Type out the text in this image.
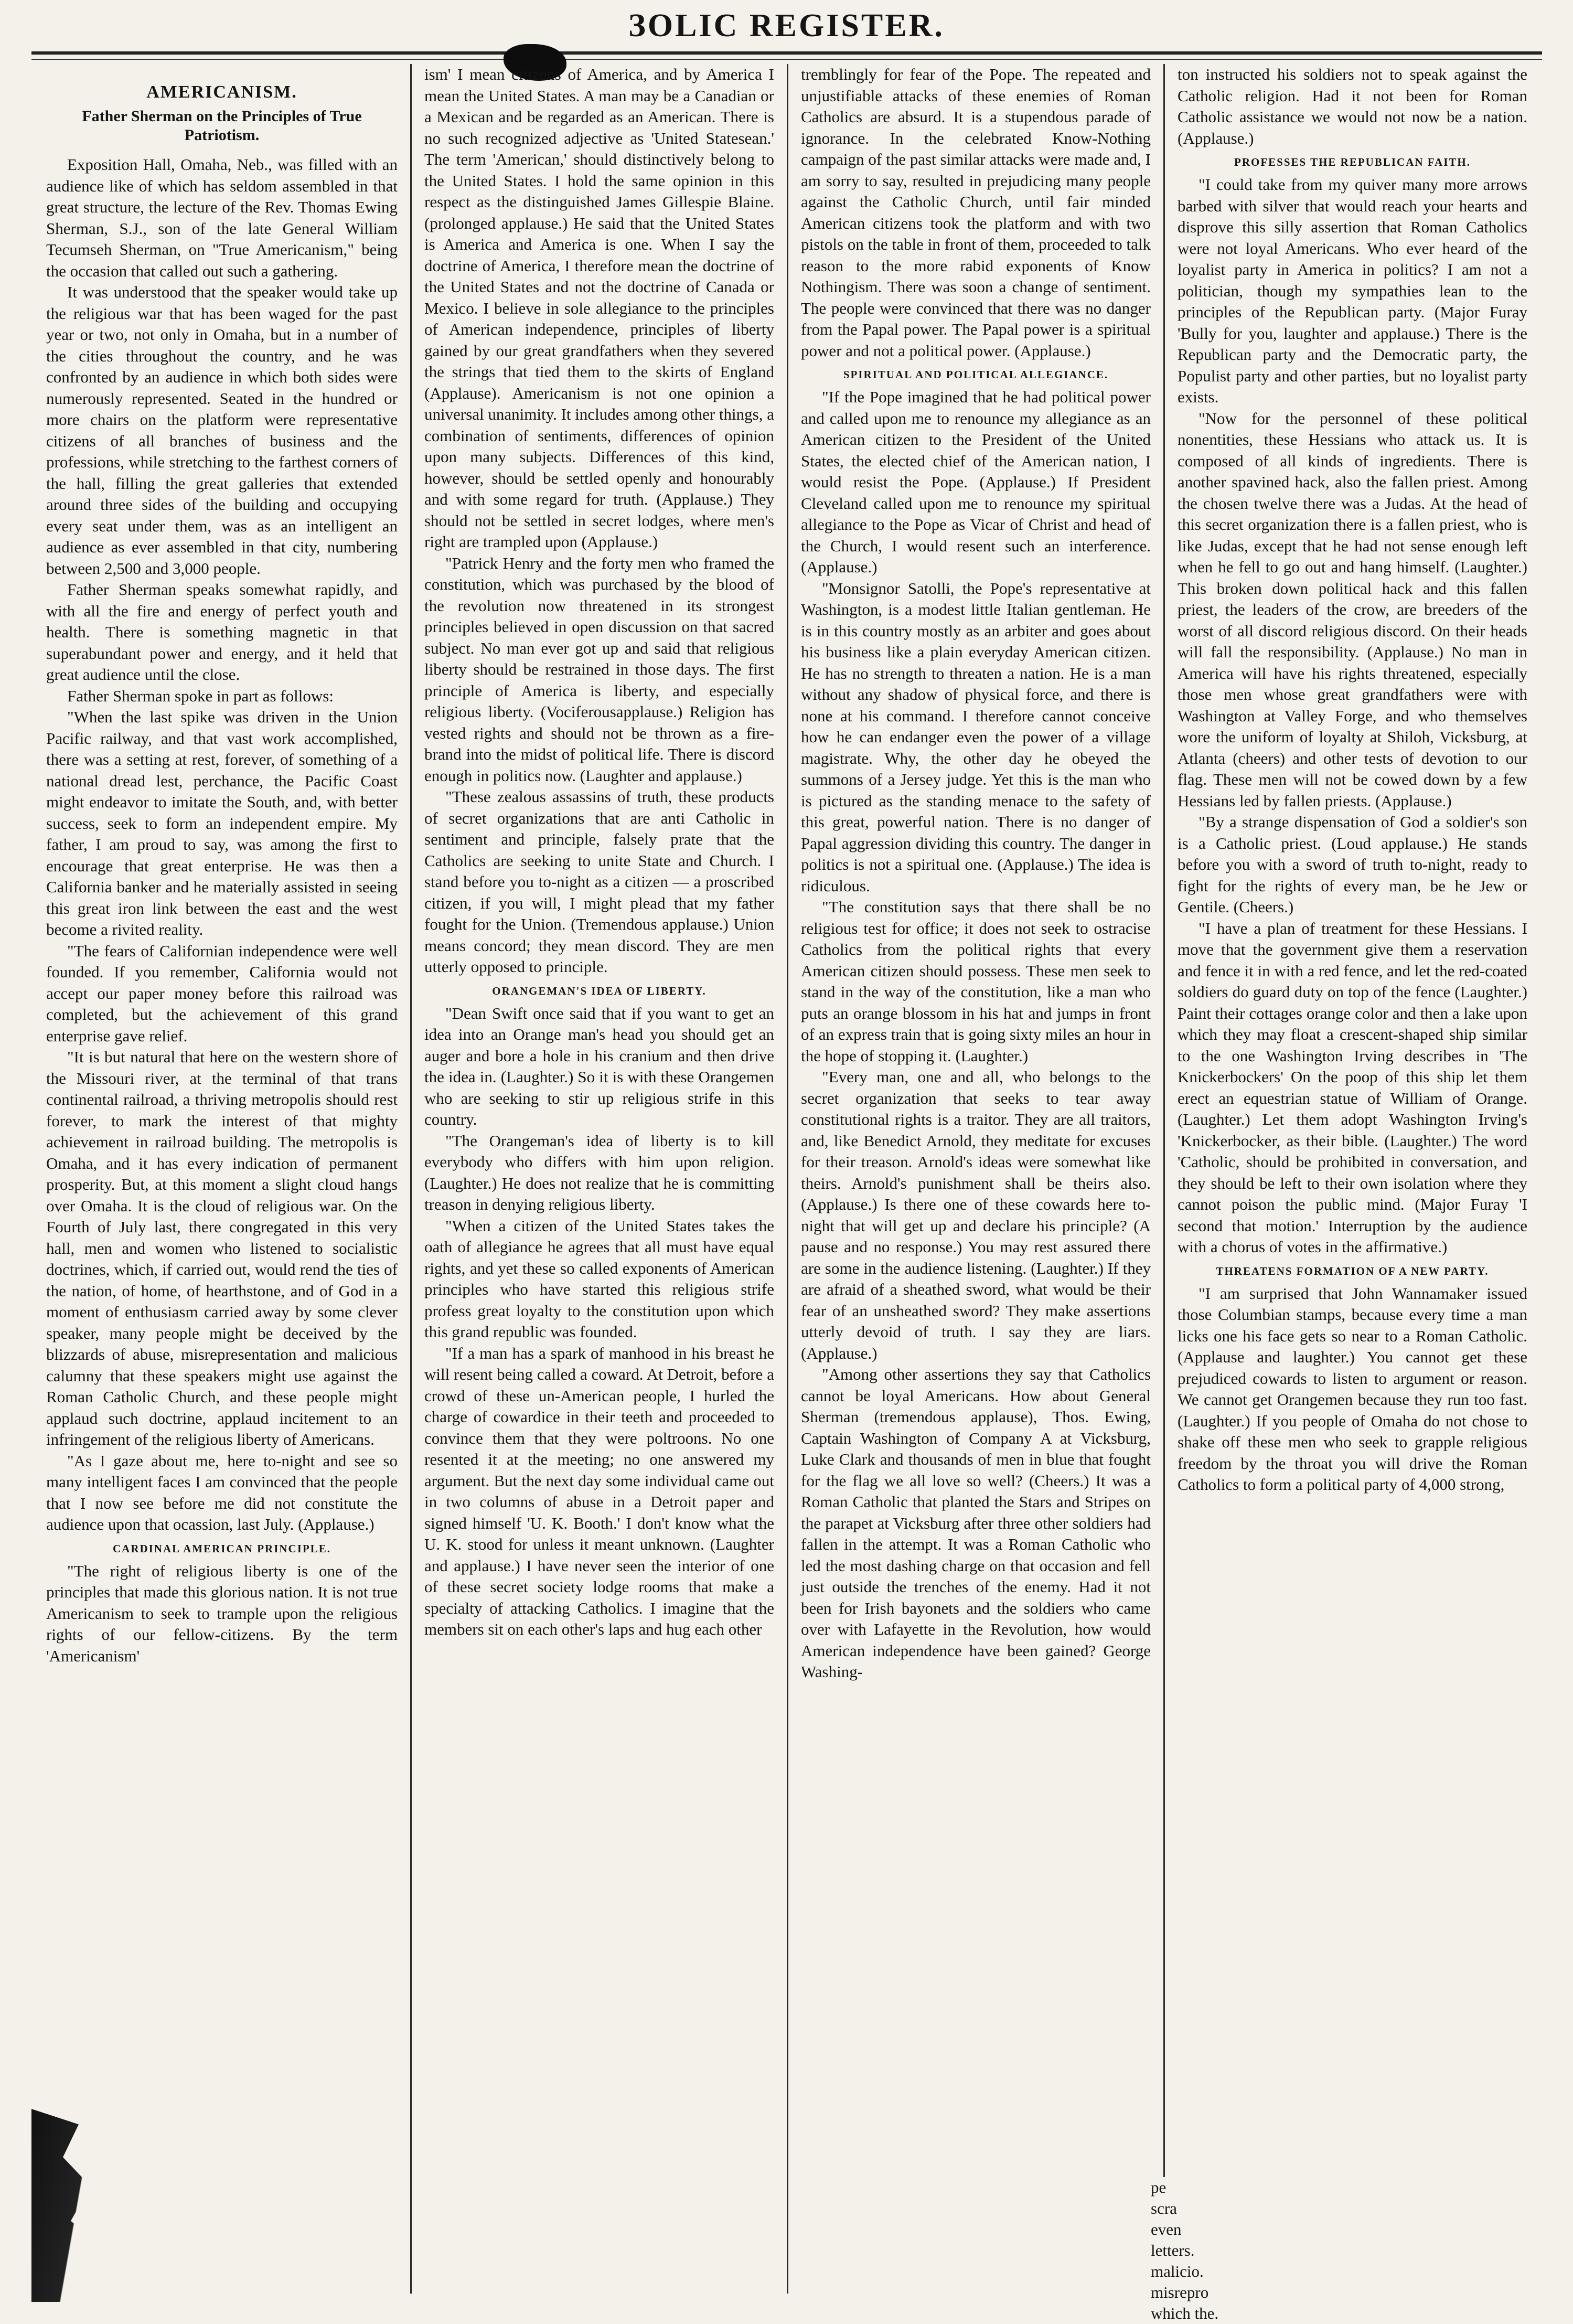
ЗOLIC REGISTER.
AMERICANISM.
Father Sherman on the Principles of True Patriotism.

Exposition Hall, Omaha, Neb., was filled with an audience like of which has seldom assembled in that great structure, the lecture of the Rev. Thomas Ewing Sherman, S.J., son of the late General William Tecumseh Sherman, on "True Americanism," being the occasion that called out such a gathering.

It was understood that the speaker would take up the religious war that has been waged for the past year or two, not only in Omaha, but in a number of the cities throughout the country, and he was confronted by an audience in which both sides were numerously represented. Seated in the hundred or more chairs on the platform were representative citizens of all branches of business and the professions, while stretching to the farthest corners of the hall, filling the great galleries that extended around three sides of the building and occupying every seat under them, was as an intelligent an audience as ever assembled in that city, numbering between 2,500 and 3,000 people.

Father Sherman speaks somewhat rapidly, and with all the fire and energy of perfect youth and health. There is something magnetic in that superabundant power and energy, and it held that great audience until the close.

Father Sherman spoke in part as follows:

"When the last spike was driven in the Union Pacific railway, and that vast work accomplished, there was a setting at rest, forever, of something of a national dread lest, perchance, the Pacific Coast might endeavor to imitate the South, and, with better success, seek to form an independent empire. My father, I am proud to say, was among the first to encourage that great enterprise. He was then a California banker and he materially assisted in seeing this great iron link between the east and the west become a rivited reality.

"The fears of Californian independence were well founded. If you remember, California would not accept our paper money before this railroad was completed, but the achievement of this grand enterprise gave relief.

"It is but natural that here on the western shore of the Missouri river, at the terminal of that trans continental railroad, a thriving metropolis should rest forever, to mark the interest of that mighty achievement in railroad building. The metropolis is Omaha, and it has every indication of permanent prosperity. But, at this moment a slight cloud hangs over Omaha. It is the cloud of religious war. On the Fourth of July last, there congregated in this very hall, men and women who listened to socialistic doctrines, which, if carried out, would rend the ties of the nation, of home, of hearthstone, and of God in a moment of enthusiasm carried away by some clever speaker, many people might be deceived by the blizzards of abuse, misrepresentation and malicious calumny that these speakers might use against the Roman Catholic Church, and these people might applaud such doctrine, applaud incitement to an infringement of the religious liberty of Americans.

"As I gaze about me, here to-night and see so many intelligent faces I am convinced that the people that I now see before me did not constitute the audience upon that ocassion, last July. (Applause.)

CARDINAL AMERICAN PRINCIPLE.

"The right of religious liberty is one of the principles that made this glorious nation. It is not true Americanism to seek to trample upon the religious rights of our fellow-citizens. By the term 'Americanism'

ism' I mean citizens of America, and by America I mean the United States. A man may be a Canadian or a Mexican and be regarded as an American. There is no such recognized adjective as 'United Statesean.' The term 'American,' should distinctively belong to the United States. I hold the same opinion in this respect as the distinguished James Gillespie Blaine. (prolonged applause.) He said that the United States is America and America is one. When I say the doctrine of America, I therefore mean the doctrine of the United States and not the doctrine of Canada or Mexico. I believe in sole allegiance to the principles of American independence, principles of liberty gained by our great grandfathers when they severed the strings that tied them to the skirts of England (Applause). Americanism is not one opinion a universal unanimity. It includes among other things, a combination of sentiments, differences of opinion upon many subjects. Differences of this kind, however, should be settled openly and honourably and with some regard for truth. (Applause.) They should not be settled in secret lodges, where men's right are trampled upon (Applause.)

"Patrick Henry and the forty men who framed the constitution, which was purchased by the blood of the revolution now threatened in its strongest principles believed in open discussion on that sacred subject. No man ever got up and said that religious liberty should be restrained in those days. The first principle of America is liberty, and especially religious liberty. (Vociferousapplause.) Religion has vested rights and should not be thrown as a fire-brand into the midst of political life. There is discord enough in politics now. (Laughter and applause.)

"These zealous assassins of truth, these products of secret organizations that are anti Catholic in sentiment and principle, falsely prate that the Catholics are seeking to unite State and Church. I stand before you to-night as a citizen — a proscribed citizen, if you will, I might plead that my father fought for the Union. (Tremendous applause.) Union means concord; they mean discord. They are men utterly opposed to principle.

ORANGEMAN'S IDEA OF LIBERTY.

"Dean Swift once said that if you want to get an idea into an Orange man's head you should get an auger and bore a hole in his cranium and then drive the idea in. (Laughter.) So it is with these Orangemen who are seeking to stir up religious strife in this country.

"The Orangeman's idea of liberty is to kill everybody who differs with him upon religion. (Laughter.) He does not realize that he is committing treason in denying religious liberty.

"When a citizen of the United States takes the oath of allegiance he agrees that all must have equal rights, and yet these so called exponents of American principles who have started this religious strife profess great loyalty to the constitution upon which this grand republic was founded.

"If a man has a spark of manhood in his breast he will resent being called a coward. At Detroit, before a crowd of these un-American people, I hurled the charge of cowardice in their teeth and proceeded to convince them that they were poltroons. No one resented it at the meeting; no one answered my argument. But the next day some individual came out in two columns of abuse in a Detroit paper and signed himself 'U. K. Booth.' I don't know what the U. K. stood for unless it meant unknown. (Laughter and applause.) I have never seen the interior of one of these secret society lodge rooms that make a specialty of attacking Catholics. I imagine that the members sit on each other's laps and hug each other

tremblingly for fear of the Pope. The repeated and unjustifiable attacks of these enemies of Roman Catholics are absurd. It is a stupendous parade of ignorance. In the celebrated Know-Nothing campaign of the past similar attacks were made and, I am sorry to say, resulted in prejudicing many people against the Catholic Church, until fair minded American citizens took the platform and with two pistols on the table in front of them, proceeded to talk reason to the more rabid exponents of Know Nothingism. There was soon a change of sentiment. The people were convinced that there was no danger from the Papal power. The Papal power is a spiritual power and not a political power. (Applause.)

SPIRITUAL AND POLITICAL ALLEGIANCE.

"If the Pope imagined that he had political power and called upon me to renounce my allegiance as an American citizen to the President of the United States, the elected chief of the American nation, I would resist the Pope. (Applause.) If President Cleveland called upon me to renounce my spiritual allegiance to the Pope as Vicar of Christ and head of the Church, I would resent such an interference. (Applause.)

"Monsignor Satolli, the Pope's representative at Washington, is a modest little Italian gentleman. He is in this country mostly as an arbiter and goes about his business like a plain everyday American citizen. He has no strength to threaten a nation. He is a man without any shadow of physical force, and there is none at his command. I therefore cannot conceive how he can endanger even the power of a village magistrate. Why, the other day he obeyed the summons of a Jersey judge. Yet this is the man who is pictured as the standing menace to the safety of this great, powerful nation. There is no danger of Papal aggression dividing this country. The danger in politics is not a spiritual one. (Applause.) The idea is ridiculous.

"The constitution says that there shall be no religious test for office; it does not seek to ostracise Catholics from the political rights that every American citizen should possess. These men seek to stand in the way of the constitution, like a man who puts an orange blossom in his hat and jumps in front of an express train that is going sixty miles an hour in the hope of stopping it. (Laughter.)

"Every man, one and all, who belongs to the secret organization that seeks to tear away constitutional rights is a traitor. They are all traitors, and, like Benedict Arnold, they meditate for excuses for their treason. Arnold's ideas were somewhat like theirs. Arnold's punishment shall be theirs also. (Applause.) Is there one of these cowards here to-night that will get up and declare his principle? (A pause and no response.) You may rest assured there are some in the audience listening. (Laughter.) If they are afraid of a sheathed sword, what would be their fear of an unsheathed sword? They make assertions utterly devoid of truth. I say they are liars. (Applause.)

"Among other assertions they say that Catholics cannot be loyal Americans. How about General Sherman (tremendous applause), Thos. Ewing, Captain Washington of Company A at Vicksburg, Luke Clark and thousands of men in blue that fought for the flag we all love so well? (Cheers.) It was a Roman Catholic that planted the Stars and Stripes on the parapet at Vicksburg after three other soldiers had fallen in the attempt. It was a Roman Catholic who led the most dashing charge on that occasion and fell just outside the trenches of the enemy. Had it not been for Irish bayonets and the soldiers who came over with Lafayette in the Revolution, how would American independence have been gained? George Washing-

ton instructed his soldiers not to speak against the Catholic religion. Had it not been for Roman Catholic assistance we would not now be a nation. (Applause.)

PROFESSES THE REPUBLICAN FAITH.

"I could take from my quiver many more arrows barbed with silver that would reach your hearts and disprove this silly assertion that Roman Catholics were not loyal Americans. Who ever heard of the loyalist party in America in politics? I am not a politician, though my sympathies lean to the principles of the Republican party. (Major Furay 'Bully for you, laughter and applause.) There is the Republican party and the Democratic party, the Populist party and other parties, but no loyalist party exists.

"Now for the personnel of these political nonentities, these Hessians who attack us. It is composed of all kinds of ingredients. There is another spavined hack, also the fallen priest. Among the chosen twelve there was a Judas. At the head of this secret organization there is a fallen priest, who is like Judas, except that he had not sense enough left when he fell to go out and hang himself. (Laughter.) This broken down political hack and this fallen priest, the leaders of the crow, are breeders of the worst of all discord religious discord. On their heads will fall the responsibility. (Applause.) No man in America will have his rights threatened, especially those men whose great grandfathers were with Washington at Valley Forge, and who themselves wore the uniform of loyalty at Shiloh, Vicksburg, at Atlanta (cheers) and other tests of devotion to our flag. These men will not be cowed down by a few Hessians led by fallen priests. (Applause.)

"By a strange dispensation of God a soldier's son is a Catholic priest. (Loud applause.) He stands before you with a sword of truth to-night, ready to fight for the rights of every man, be he Jew or Gentile. (Cheers.)

"I have a plan of treatment for these Hessians. I move that the government give them a reservation and fence it in with a red fence, and let the red-coated soldiers do guard duty on top of the fence (Laughter.) Paint their cottages orange color and then a lake upon which they may float a crescent-shaped ship similar to the one Washington Irving describes in 'The Knickerbockers' On the poop of this ship let them erect an equestrian statue of William of Orange. (Laughter.) Let them adopt Washington Irving's 'Knickerbocker, as their bible. (Laughter.) The word 'Catholic, should be prohibited in conversation, and they should be left to their own isolation where they cannot poison the public mind. (Major Furay 'I second that motion.' Interruption by the audience with a chorus of votes in the affirmative.)

THREATENS FORMATION OF A NEW PARTY.

"I am surprised that John Wannamaker issued those Columbian stamps, because every time a man licks one his face gets so near to a Roman Catholic. (Applause and laughter.) You cannot get these prejudiced cowards to listen to argument or reason. We cannot get Orangemen because they run too fast. (Laughter.) If you people of Omaha do not chose to shake off these men who seek to grapple religious freedom by the throat you will drive the Roman Catholics to form a political party of 4,000 strong,

pe

scra

even

letters.

malicio.

misrepro

which the.
